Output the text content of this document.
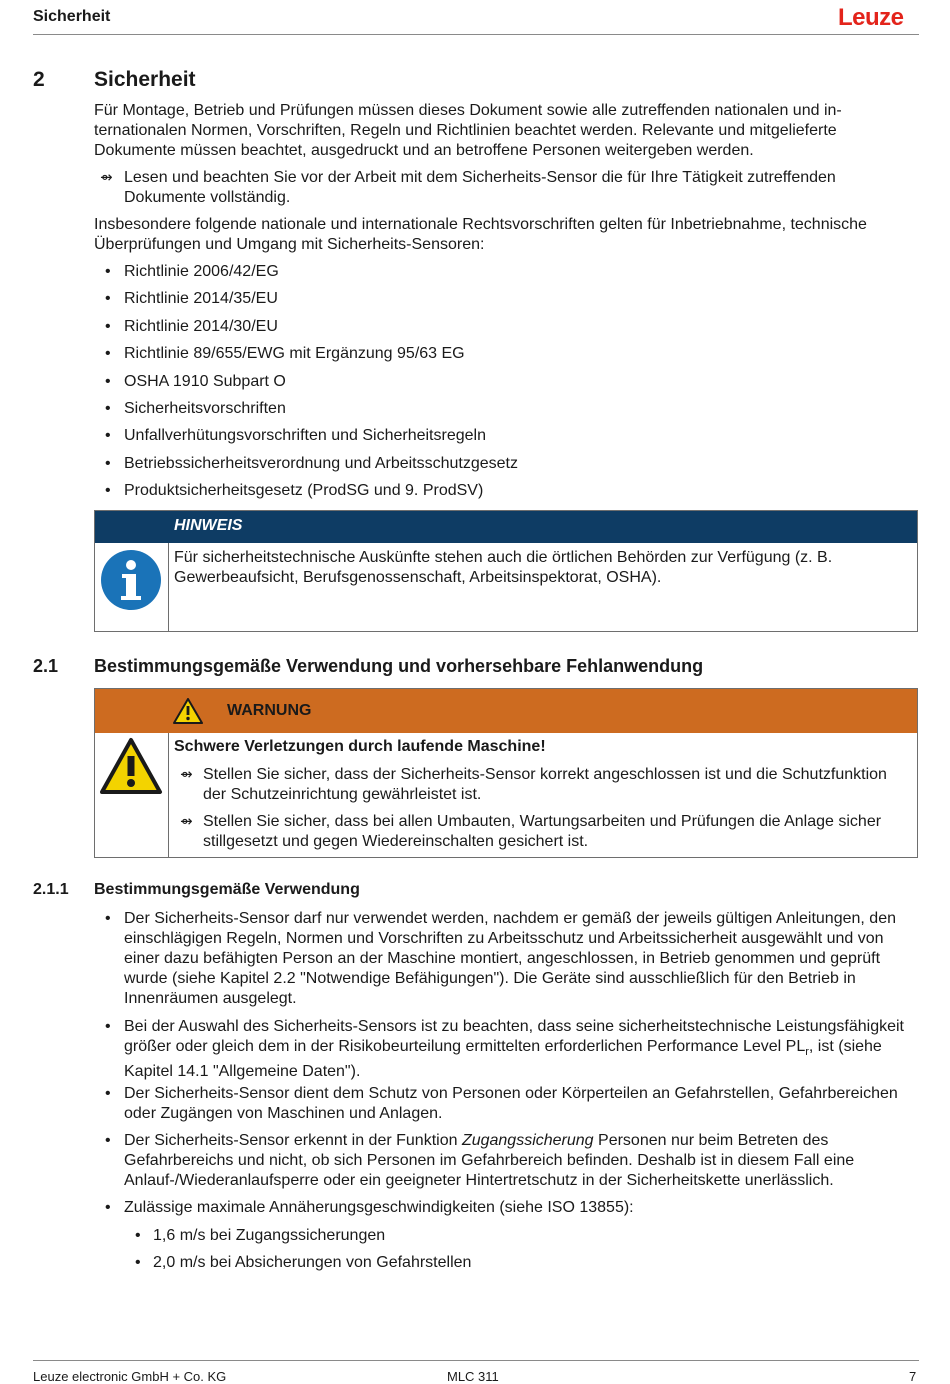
Sicherheit	Leuze
2 Sicherheit

Für Montage, Betrieb und Prüfungen müssen dieses Dokument sowie alle zutreffenden nationalen und internationalen Normen, Vorschriften, Regeln und Richtlinien beachtet werden. Relevante und mitgelieferte Dokumente müssen beachtet, ausgedruckt und an betroffene Personen weitergeben werden.

⇴ Lesen und beachten Sie vor der Arbeit mit dem Sicherheits-Sensor die für Ihre Tätigkeit zutreffenden Dokumente vollständig.

Insbesondere folgende nationale und internationale Rechtsvorschriften gelten für Inbetriebnahme, technische Überprüfungen und Umgang mit Sicherheits-Sensoren:

• Richtlinie 2006/42/EG
• Richtlinie 2014/35/EU
• Richtlinie 2014/30/EU
• Richtlinie 89/655/EWG mit Ergänzung 95/63 EG
• OSHA 1910 Subpart O
• Sicherheitsvorschriften
• Unfallverhütungsvorschriften und Sicherheitsregeln
• Betriebssicherheitsverordnung und Arbeitsschutzgesetz
• Produktsicherheitsgesetz (ProdSG und 9. ProdSV)
HINWEIS
Für sicherheitstechnische Auskünfte stehen auch die örtlichen Behörden zur Verfügung (z. B. Gewerbeaufsicht, Berufsgenossenschaft, Arbeitsinspektorat, OSHA).
2.1 Bestimmungsgemäße Verwendung und vorhersehbare Fehlanwendung
WARNUNG
Schwere Verletzungen durch laufende Maschine!
⇴ Stellen Sie sicher, dass der Sicherheits-Sensor korrekt angeschlossen ist und die Schutzfunktion der Schutzeinrichtung gewährleistet ist.
⇴ Stellen Sie sicher, dass bei allen Umbauten, Wartungsarbeiten und Prüfungen die Anlage sicher stillgesetzt und gegen Wiedereinschalten gesichert ist.
2.1.1 Bestimmungsgemäße Verwendung
• Der Sicherheits-Sensor darf nur verwendet werden, nachdem er gemäß der jeweils gültigen Anleitungen, den einschlägigen Regeln, Normen und Vorschriften zu Arbeitsschutz und Arbeitssicherheit ausgewählt und von einer dazu befähigten Person an der Maschine montiert, angeschlossen, in Betrieb genommen und geprüft wurde (siehe Kapitel 2.2 "Notwendige Befähigungen"). Die Geräte sind ausschließlich für den Betrieb in Innenräumen ausgelegt.
• Bei der Auswahl des Sicherheits-Sensors ist zu beachten, dass seine sicherheitstechnische Leistungsfähigkeit größer oder gleich dem in der Risikobeurteilung ermittelten erforderlichen Performance Level $PL_r$, ist (siehe Kapitel 14.1 "Allgemeine Daten").
• Der Sicherheits-Sensor dient dem Schutz von Personen oder Körperteilen an Gefahrstellen, Gefahrbereichen oder Zugängen von Maschinen und Anlagen.
• Der Sicherheits-Sensor erkennt in der Funktion Zugangssicherung Personen nur beim Betreten des Gefahrbereichs und nicht, ob sich Personen im Gefahrbereich befinden. Deshalb ist in diesem Fall eine Anlauf-/Wiederanlaufsperre oder ein geeigneter Hintertretschutz in der Sicherheitskette unerlässlich.
• Zulässige maximale Annäherungsgeschwindigkeiten (siehe ISO 13855):
• 1,6 m/s bei Zugangssicherungen
• 2,0 m/s bei Absicherungen von Gefahrstellen
Leuze electronic GmbH + Co. KG	MLC 311	7
